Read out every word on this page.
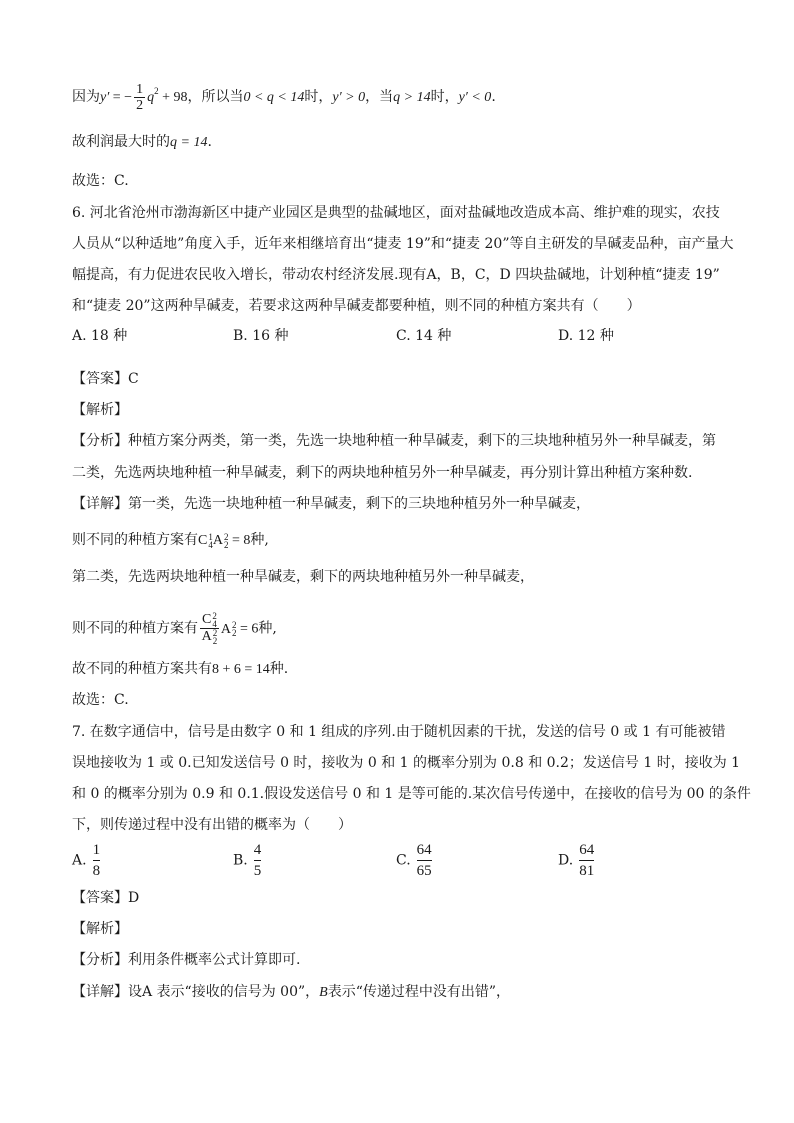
因为y′ = − $\frac{1}{2} q^2 + 98$，所以当0 < q < 14时，y′ > 0，当q > 14时，y′ < 0.
故利润最大时的q = 14.
故选：C.
6. 河北省沧州市渤海新区中捷产业园区是典型的盐碱地区，面对盐碱地改造成本高、维护难的现实，农技
人员从“以种适地”角度入手，近年来相继培育出“捷麦 19”和“捷麦 20”等自主研发的旱碱麦品种，亩产量大
幅提高，有力促进农民收入增长，带动农村经济发展.现有A，B，C，D 四块盐碱地，计划种植“捷麦 19”
和“捷麦 20”这两种旱碱麦，若要求这两种旱碱麦都要种植，则不同的种植方案共有（　　）
A. 18 种	B. 16 种	C. 14 种	D. 12 种
【答案】C
【解析】
【分析】种植方案分两类，第一类，先选一块地种植一种旱碱麦，剩下的三块地种植另外一种旱碱麦，第
二类，先选两块地种植一种旱碱麦，剩下的两块地种植另外一种旱碱麦，再分别计算出种植方案种数.
【详解】第一类，先选一块地种植一种旱碱麦，剩下的三块地种植另外一种旱碱麦，
则不同的种植方案有C 1
4 A 2
2 = 8种,
第二类，先选两块地种植一种旱碱麦，剩下的两块地种植另外一种旱碱麦，
则不同的种植方案有 C 2
4
A 2
2 A 2
2 = 6种,
故不同的种植方案共有8 + 6 = 14种.
故选：C.
7. 在数字通信中，信号是由数字 0 和 1 组成的序列.由于随机因素的干扰，发送的信号 0 或 1 有可能被错
误地接收为 1 或 0.已知发送信号 0 时，接收为 0 和 1 的概率分别为 0.8 和 0.2；发送信号 1 时，接收为 1
和 0 的概率分别为 0.9 和 0.1.假设发送信号 0 和 1 是等可能的.某次信号传递中，在接收的信号为 00 的条件
下，则传递过程中没有出错的概率为（　　）
A. $\frac{1}{8}$	B. $\frac{4}{5}$	C. $\frac{64}{65}$	D. $\frac{64}{81}$
【答案】D
【解析】
【分析】利用条件概率公式计算即可.
【详解】设A 表示“接收的信号为 00”，B表示“传递过程中没有出错”，
